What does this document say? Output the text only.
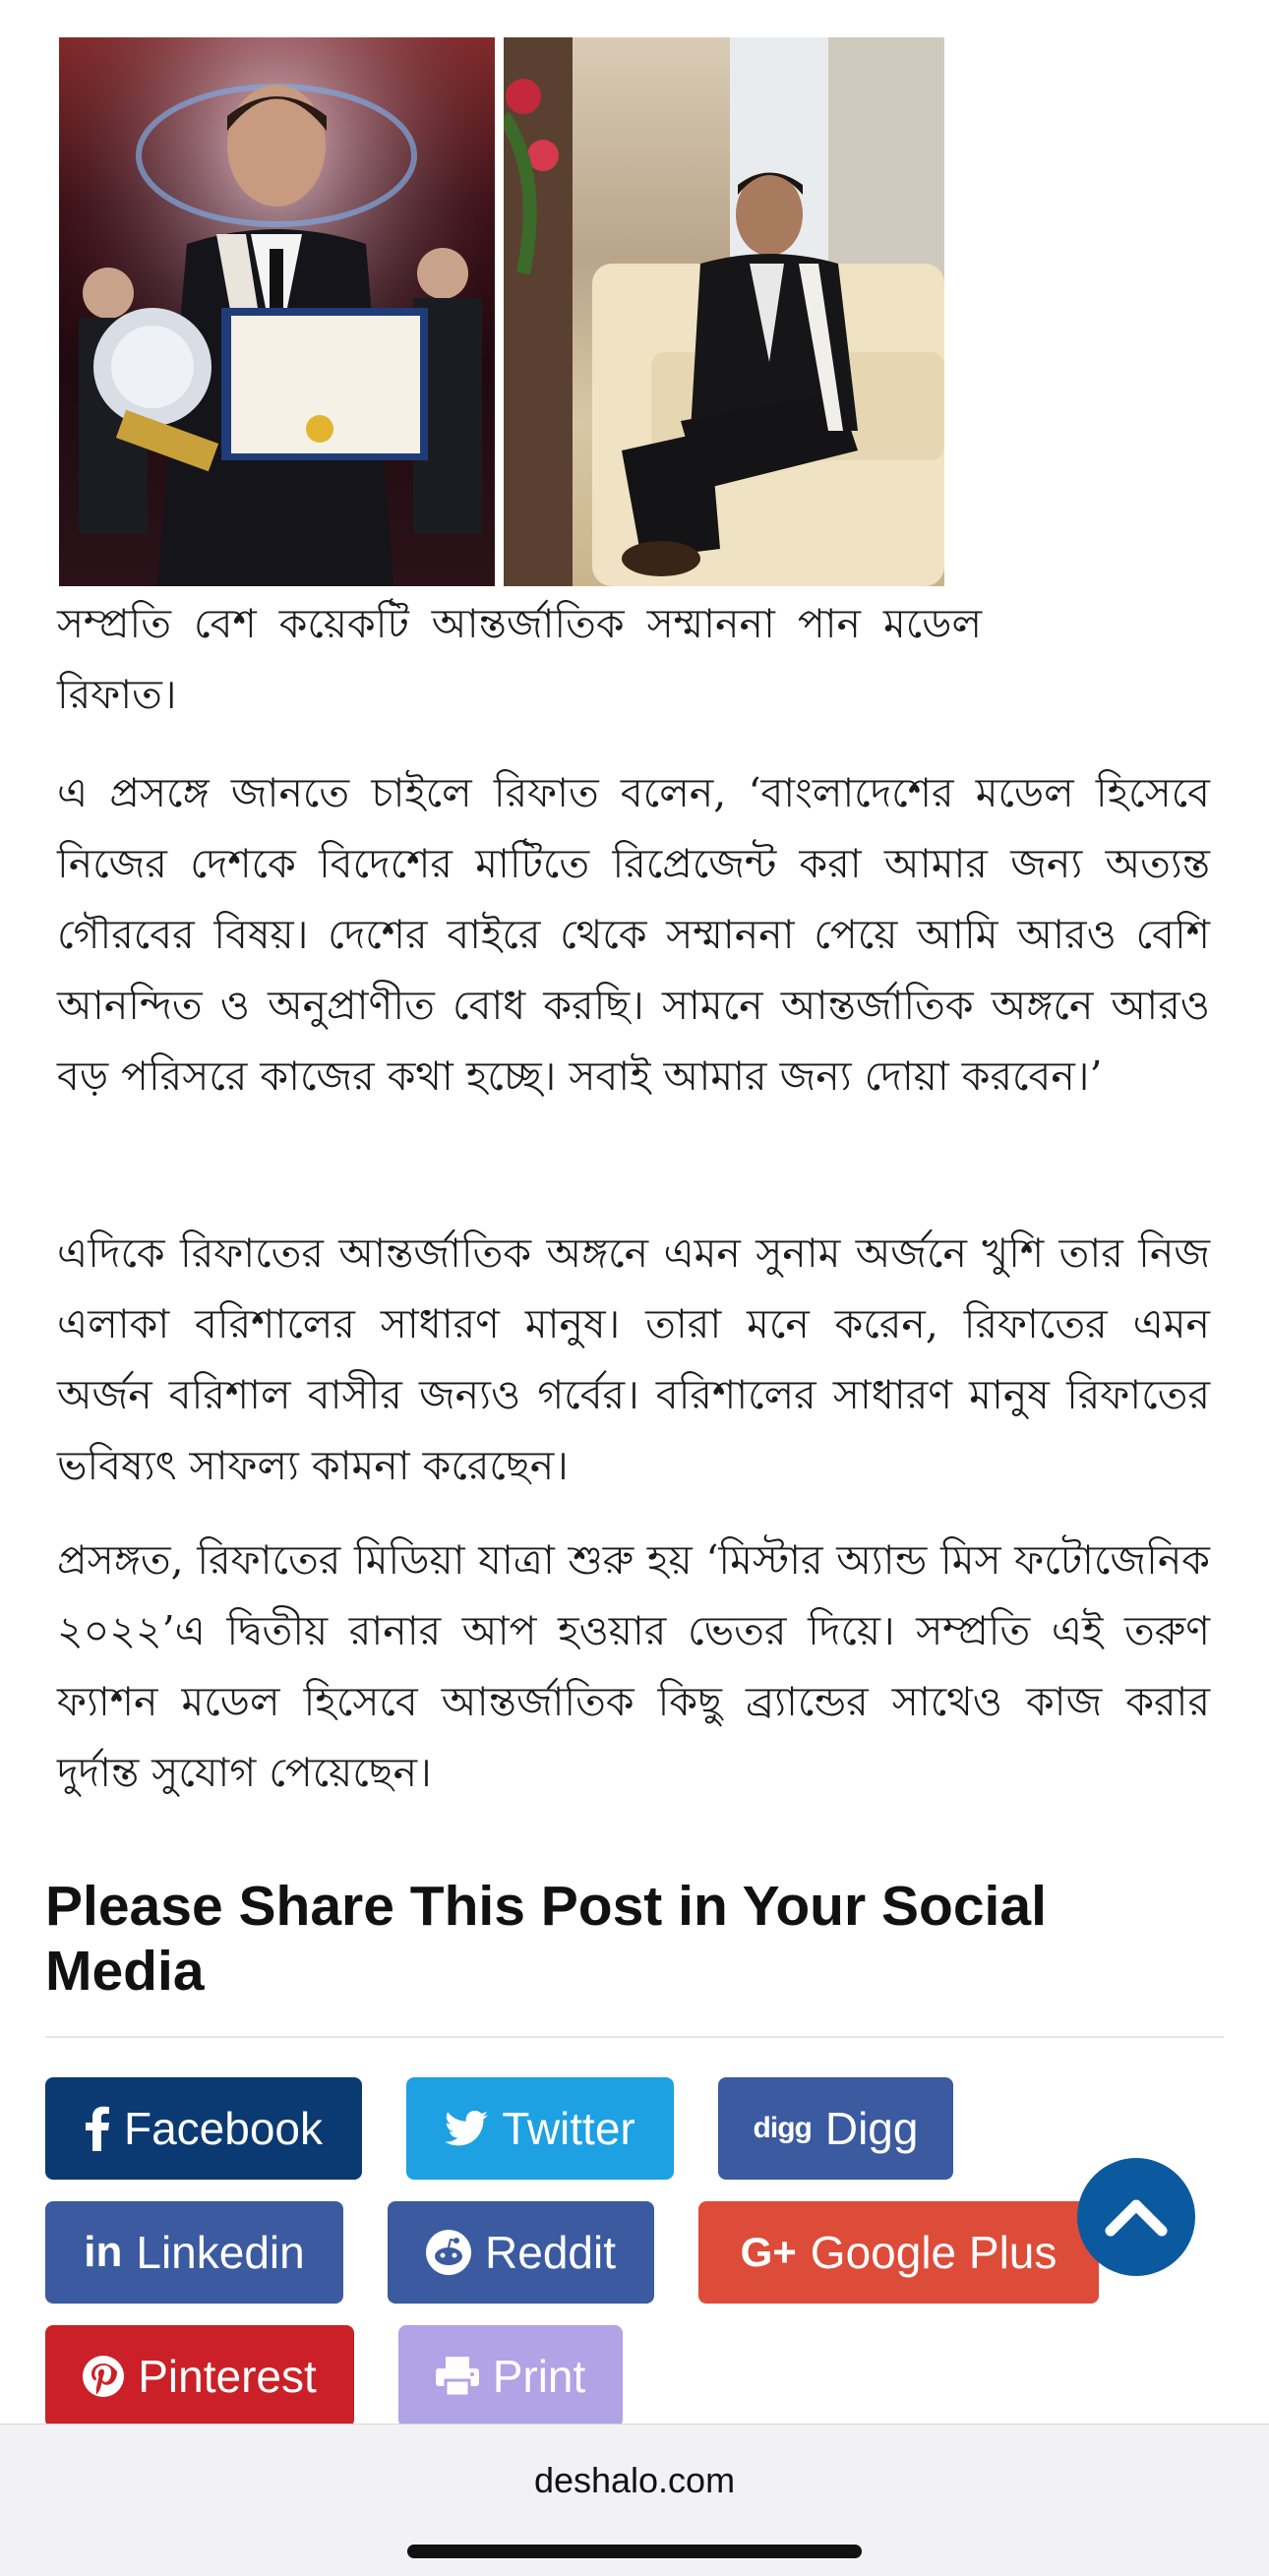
সম্প্রতি বেশ কয়েকটি আন্তর্জাতিক সম্মাননা পান মডেল রিফাত।

এ প্রসঙ্গে জানতে চাইলে রিফাত বলেন, ‘বাংলাদেশের মডেল হিসেবে নিজের দেশকে বিদেশের মাটিতে রিপ্রেজেন্ট করা আমার জন্য অত্যন্ত গৌরবের বিষয়। দেশের বাইরে থেকে সম্মাননা পেয়ে আমি আরও বেশি আনন্দিত ও অনুপ্রাণীত বোধ করছি। সামনে আন্তর্জাতিক অঙ্গনে আরও বড় পরিসরে কাজের কথা হচ্ছে। সবাই আমার জন্য দোয়া করবেন।’

এদিকে রিফাতের আন্তর্জাতিক অঙ্গনে এমন সুনাম অর্জনে খুশি তার নিজ এলাকা বরিশালের সাধারণ মানুষ। তারা মনে করেন, রিফাতের এমন অর্জন বরিশাল বাসীর জন্যও গর্বের। বরিশালের সাধারণ মানুষ রিফাতের ভবিষ্যৎ সাফল্য কামনা করেছেন।

প্রসঙ্গত, রিফাতের মিডিয়া যাত্রা শুরু হয় ‘মিস্টার অ্যান্ড মিস ফটোজেনিক ২০২২’এ দ্বিতীয় রানার আপ হওয়ার ভেতর দিয়ে। সম্প্রতি এই তরুণ ফ্যাশন মডেল হিসেবে আন্তর্জাতিক কিছু ব্র্যান্ডের সাথেও কাজ করার দুর্দান্ত সুযোগ পেয়েছেন।

Please Share This Post in Your Social Media
Facebook	Twitter	digg Digg
in Linkedin	Reddit	G+ Google Plus
Pinterest	Print
deshalo.com
